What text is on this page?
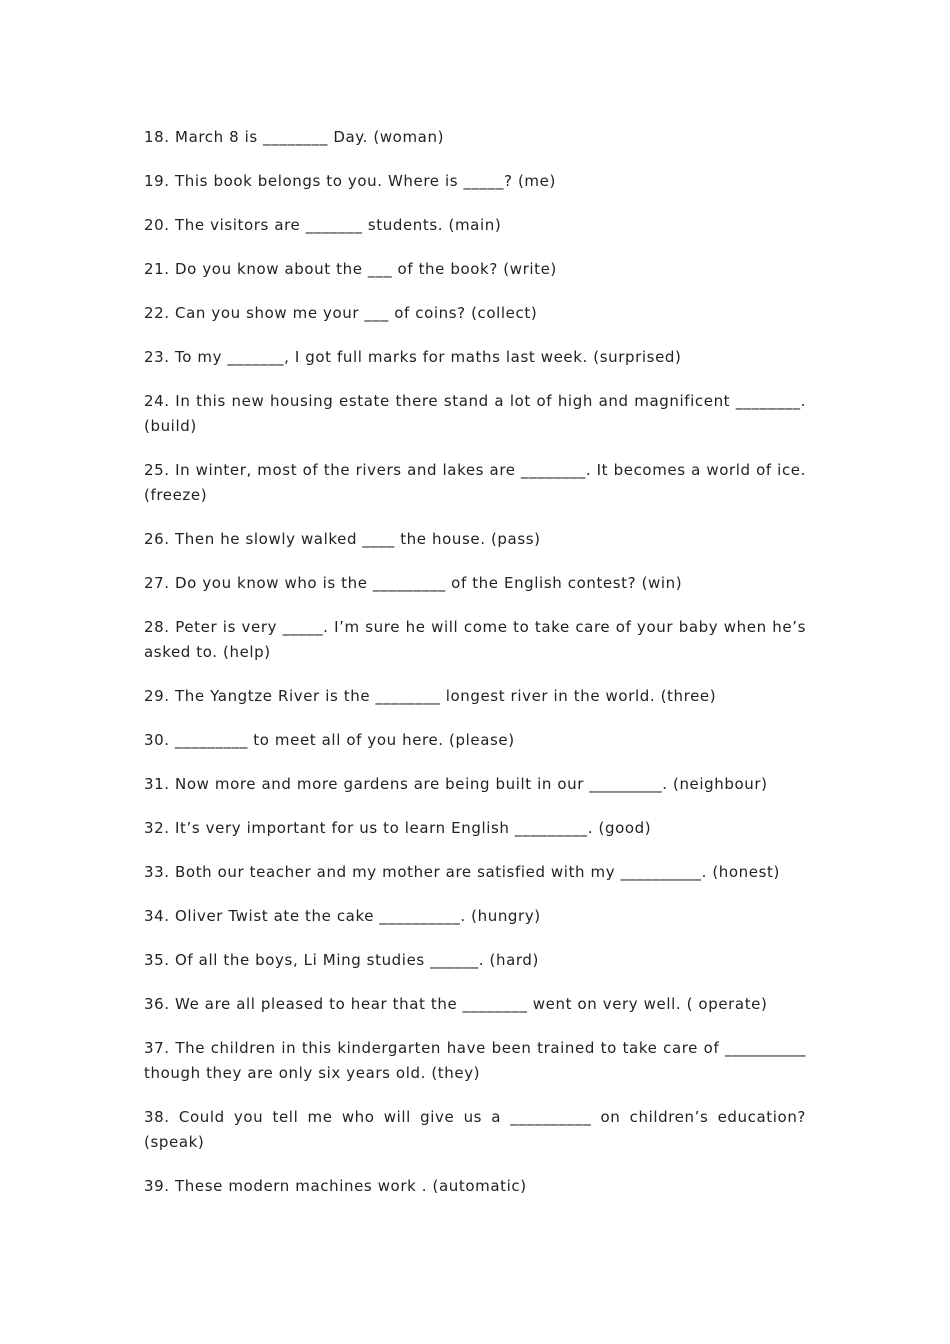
18. March 8 is ________ Day. (woman)

19. This book belongs to you. Where is _____? (me)

20. The visitors are _______ students. (main)

21. Do you know about the ___ of the book? (write)

22. Can you show me your ___ of coins? (collect)

23. To my _______, I got full marks for maths last week. (surprised)

24. In this new housing estate there stand a lot of high and magnificent ________. (build)

25. In winter, most of the rivers and lakes are ________. It becomes a world of ice. (freeze)

26. Then he slowly walked ____ the house. (pass)

27. Do you know who is the _________ of the English contest? (win)

28. Peter is very _____. I’m sure he will come to take care of your baby when he’s asked to. (help)

29. The Yangtze River is the ________ longest river in the world. (three)

30. _________ to meet all of you here. (please)

31. Now more and more gardens are being built in our _________. (neighbour)

32. It’s very important for us to learn English _________. (good)

33. Both our teacher and my mother are satisfied with my __________. (honest)

34. Oliver Twist ate the cake __________. (hungry)

35. Of all the boys, Li Ming studies ______. (hard)

36. We are all pleased to hear that the ________ went on very well. ( operate)

37. The children in this kindergarten have been trained to take care of __________ though they are only six years old. (they)

38. Could you tell me who will give us a __________ on children’s education? (speak)

39. These modern machines work . (automatic)
